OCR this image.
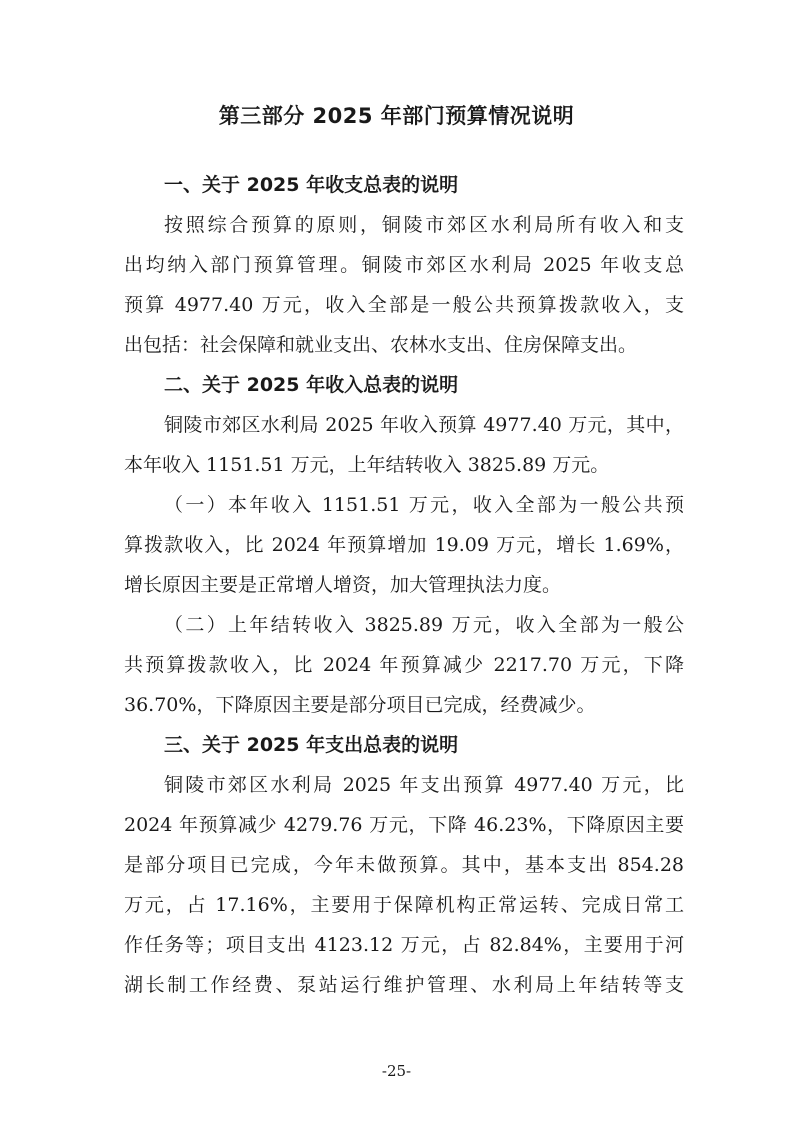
第三部分 2025 年部门预算情况说明
一、关于 2025 年收支总表的说明
按照综合预算的原则，铜陵市郊区水利局所有收入和支
出均纳入部门预算管理。铜陵市郊区水利局 2025 年收支总
预算 4977.40 万元，收入全部是一般公共预算拨款收入，支
出包括：社会保障和就业支出、农林水支出、住房保障支出。
二、关于 2025 年收入总表的说明
铜陵市郊区水利局 2025 年收入预算 4977.40 万元，其中，
本年收入 1151.51 万元，上年结转收入 3825.89 万元。
（一）本年收入 1151.51 万元，收入全部为一般公共预
算拨款收入，比 2024 年预算增加 19.09 万元，增长 1.69%，
增长原因主要是正常增人增资，加大管理执法力度。
（二）上年结转收入 3825.89 万元，收入全部为一般公
共预算拨款收入，比 2024 年预算减少 2217.70 万元，下降
36.70%，下降原因主要是部分项目已完成，经费减少。
三、关于 2025 年支出总表的说明
铜陵市郊区水利局 2025 年支出预算 4977.40 万元，比
2024 年预算减少 4279.76 万元，下降 46.23%，下降原因主要
是部分项目已完成，今年未做预算。其中，基本支出 854.28
万元，占 17.16%，主要用于保障机构正常运转、完成日常工
作任务等；项目支出 4123.12 万元，占 82.84%，主要用于河
湖长制工作经费、泵站运行维护管理、水利局上年结转等支
-25-
